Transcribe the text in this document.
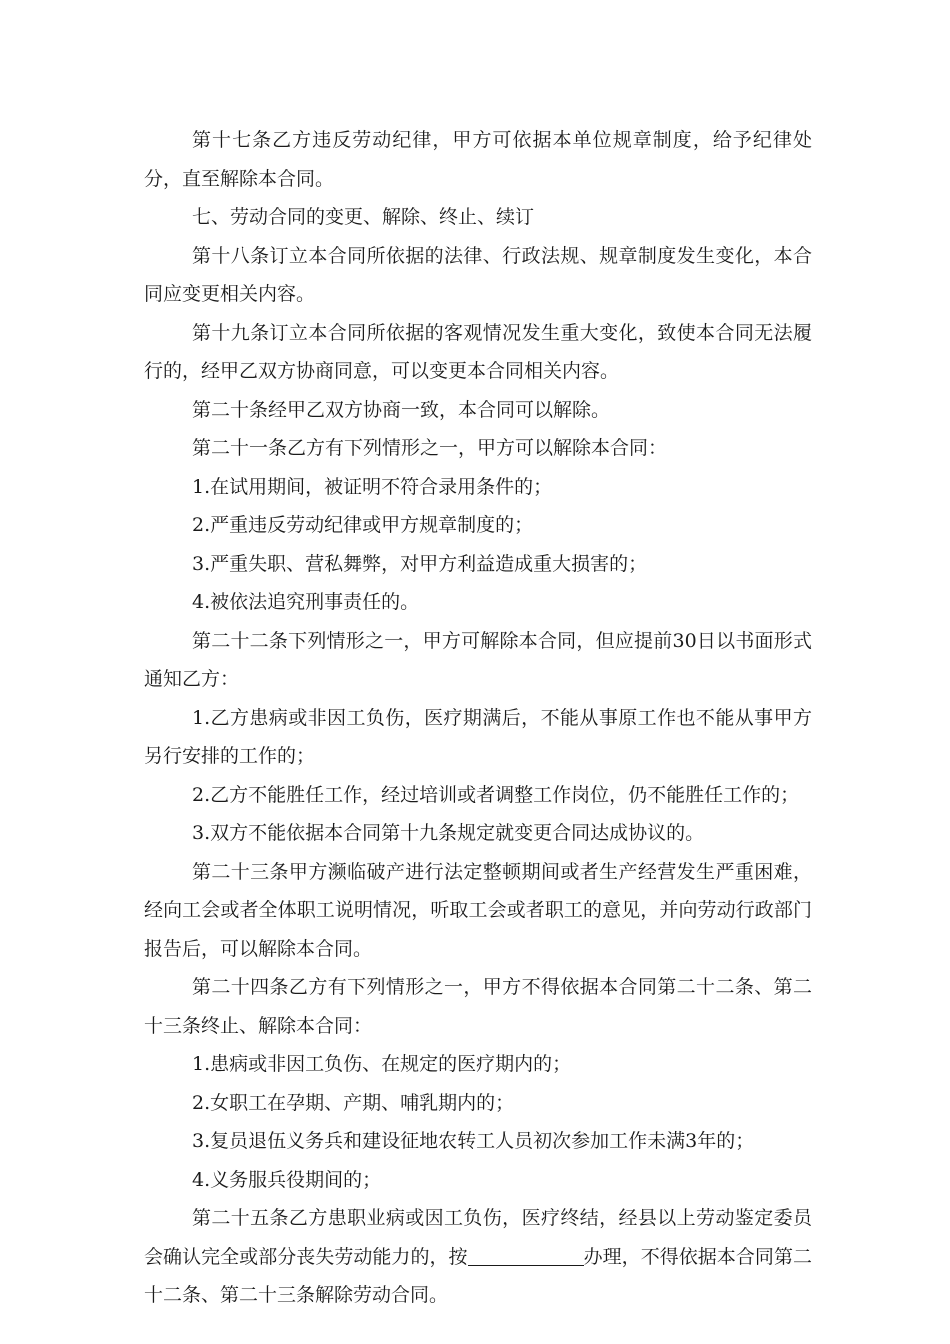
第十七条乙方违反劳动纪律，甲方可依据本单位规章制度，给予纪律处分，直至解除本合同。

七、劳动合同的变更、解除、终止、续订

第十八条订立本合同所依据的法律、行政法规、规章制度发生变化，本合同应变更相关内容。

第十九条订立本合同所依据的客观情况发生重大变化，致使本合同无法履行的，经甲乙双方协商同意，可以变更本合同相关内容。

第二十条经甲乙双方协商一致，本合同可以解除。

第二十一条乙方有下列情形之一，甲方可以解除本合同：

1.在试用期间，被证明不符合录用条件的；

2.严重违反劳动纪律或甲方规章制度的；

3.严重失职、营私舞弊，对甲方利益造成重大损害的；

4.被依法追究刑事责任的。

第二十二条下列情形之一，甲方可解除本合同，但应提前30日以书面形式通知乙方：

1.乙方患病或非因工负伤，医疗期满后，不能从事原工作也不能从事甲方另行安排的工作的；

2.乙方不能胜任工作，经过培训或者调整工作岗位，仍不能胜任工作的；

3.双方不能依据本合同第十九条规定就变更合同达成协议的。

第二十三条甲方濒临破产进行法定整顿期间或者生产经营发生严重困难，经向工会或者全体职工说明情况，听取工会或者职工的意见，并向劳动行政部门报告后，可以解除本合同。

第二十四条乙方有下列情形之一，甲方不得依据本合同第二十二条、第二十三条终止、解除本合同：

1.患病或非因工负伤、在规定的医疗期内的；

2.女职工在孕期、产期、哺乳期内的；

3.复员退伍义务兵和建设征地农转工人员初次参加工作未满3年的；

4.义务服兵役期间的；

第二十五条乙方患职业病或因工负伤，医疗终结，经县以上劳动鉴定委员会确认完全或部分丧失劳动能力的，按	办理，不得依据本合同第二十二条、第二十三条解除劳动合同。
